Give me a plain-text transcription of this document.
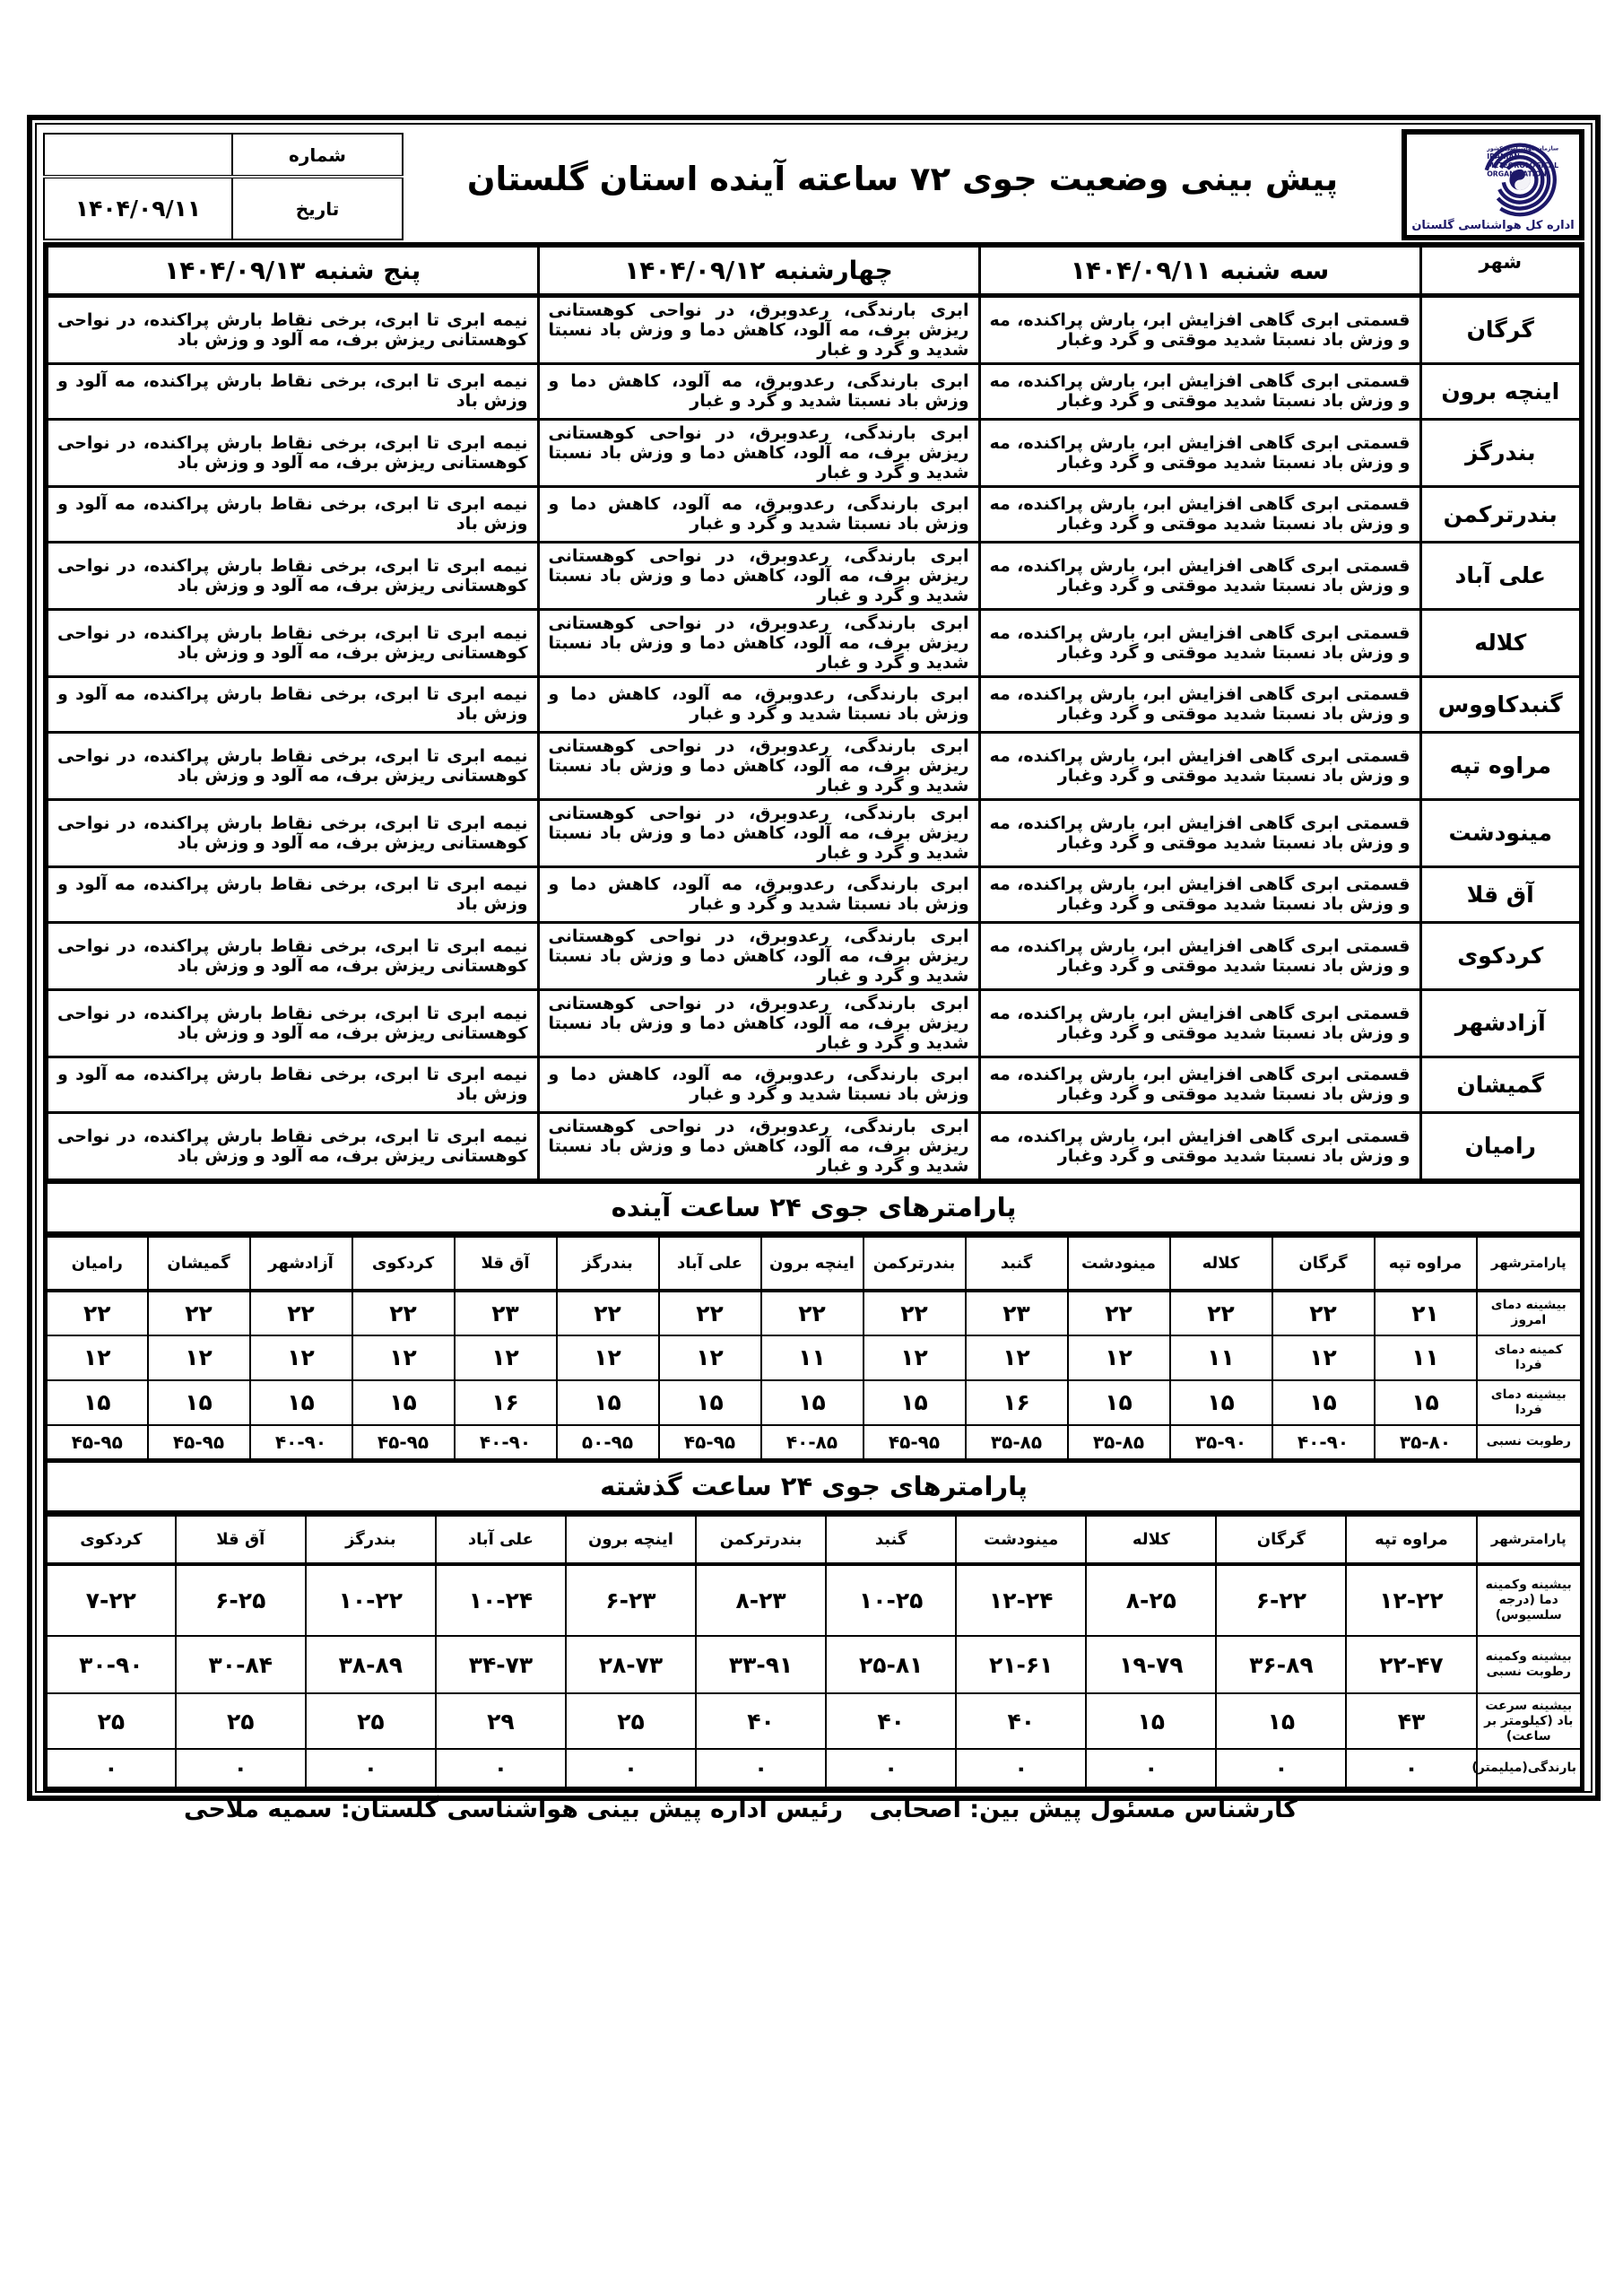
سازمان هواشناسی کشور
IRANIAN
METEOROLOGICAL
ORGANIZATION
اداره کل هواشناسی گلستان
پیش بینی وضعیت جوی ۷۲ ساعته آینده استان گلستان
شماره	
تاریخ	۱۴۰۴/۰۹/۱۱
شهر	سه شنبه ۱۴۰۴/۰۹/۱۱	چهارشنبه ۱۴۰۴/۰۹/۱۲	پنج شنبه ۱۴۰۴/۰۹/۱۳
گرگان	قسمتی ابری گاهی افزایش ابر، بارش پراکنده، مه و وزش باد نسبتا شدید موقتی و گرد وغبار	ابری بارندگی، رعدوبرق، در نواحی کوهستانی ریزش برف، مه آلود، کاهش دما و وزش باد نسبتا شدید و گرد و غبار	نیمه ابری تا ابری، برخی نقاط بارش پراکنده، در نواحی کوهستانی ریزش برف، مه آلود و وزش باد
اینچه برون	قسمتی ابری گاهی افزایش ابر، بارش پراکنده، مه و وزش باد نسبتا شدید موقتی و گرد وغبار	ابری بارندگی، رعدوبرق، مه آلود، کاهش دما و وزش باد نسبتا شدید و گرد و غبار	نیمه ابری تا ابری، برخی نقاط بارش پراکنده، مه آلود و وزش باد
بندرگز	قسمتی ابری گاهی افزایش ابر، بارش پراکنده، مه و وزش باد نسبتا شدید موقتی و گرد وغبار	ابری بارندگی، رعدوبرق، در نواحی کوهستانی ریزش برف، مه آلود، کاهش دما و وزش باد نسبتا شدید و گرد و غبار	نیمه ابری تا ابری، برخی نقاط بارش پراکنده، در نواحی کوهستانی ریزش برف، مه آلود و وزش باد
بندرترکمن	قسمتی ابری گاهی افزایش ابر، بارش پراکنده، مه و وزش باد نسبتا شدید موقتی و گرد وغبار	ابری بارندگی، رعدوبرق، مه آلود، کاهش دما و وزش باد نسبتا شدید و گرد و غبار	نیمه ابری تا ابری، برخی نقاط بارش پراکنده، مه آلود و وزش باد
علی آباد	قسمتی ابری گاهی افزایش ابر، بارش پراکنده، مه و وزش باد نسبتا شدید موقتی و گرد وغبار	ابری بارندگی، رعدوبرق، در نواحی کوهستانی ریزش برف، مه آلود، کاهش دما و وزش باد نسبتا شدید و گرد و غبار	نیمه ابری تا ابری، برخی نقاط بارش پراکنده، در نواحی کوهستانی ریزش برف، مه آلود و وزش باد
کلاله	قسمتی ابری گاهی افزایش ابر، بارش پراکنده، مه و وزش باد نسبتا شدید موقتی و گرد وغبار	ابری بارندگی، رعدوبرق، در نواحی کوهستانی ریزش برف، مه آلود، کاهش دما و وزش باد نسبتا شدید و گرد و غبار	نیمه ابری تا ابری، برخی نقاط بارش پراکنده، در نواحی کوهستانی ریزش برف، مه آلود و وزش باد
گنبدکاووس	قسمتی ابری گاهی افزایش ابر، بارش پراکنده، مه و وزش باد نسبتا شدید موقتی و گرد وغبار	ابری بارندگی، رعدوبرق، مه آلود، کاهش دما و وزش باد نسبتا شدید و گرد و غبار	نیمه ابری تا ابری، برخی نقاط بارش پراکنده، مه آلود و وزش باد
مراوه تپه	قسمتی ابری گاهی افزایش ابر، بارش پراکنده، مه و وزش باد نسبتا شدید موقتی و گرد وغبار	ابری بارندگی، رعدوبرق، در نواحی کوهستانی ریزش برف، مه آلود، کاهش دما و وزش باد نسبتا شدید و گرد و غبار	نیمه ابری تا ابری، برخی نقاط بارش پراکنده، در نواحی کوهستانی ریزش برف، مه آلود و وزش باد
مینودشت	قسمتی ابری گاهی افزایش ابر، بارش پراکنده، مه و وزش باد نسبتا شدید موقتی و گرد وغبار	ابری بارندگی، رعدوبرق، در نواحی کوهستانی ریزش برف، مه آلود، کاهش دما و وزش باد نسبتا شدید و گرد و غبار	نیمه ابری تا ابری، برخی نقاط بارش پراکنده، در نواحی کوهستانی ریزش برف، مه آلود و وزش باد
آق قلا	قسمتی ابری گاهی افزایش ابر، بارش پراکنده، مه و وزش باد نسبتا شدید موقتی و گرد وغبار	ابری بارندگی، رعدوبرق، مه آلود، کاهش دما و وزش باد نسبتا شدید و گرد و غبار	نیمه ابری تا ابری، برخی نقاط بارش پراکنده، مه آلود و وزش باد
کردکوی	قسمتی ابری گاهی افزایش ابر، بارش پراکنده، مه و وزش باد نسبتا شدید موقتی و گرد وغبار	ابری بارندگی، رعدوبرق، در نواحی کوهستانی ریزش برف، مه آلود، کاهش دما و وزش باد نسبتا شدید و گرد و غبار	نیمه ابری تا ابری، برخی نقاط بارش پراکنده، در نواحی کوهستانی ریزش برف، مه آلود و وزش باد
آزادشهر	قسمتی ابری گاهی افزایش ابر، بارش پراکنده، مه و وزش باد نسبتا شدید موقتی و گرد وغبار	ابری بارندگی، رعدوبرق، در نواحی کوهستانی ریزش برف، مه آلود، کاهش دما و وزش باد نسبتا شدید و گرد و غبار	نیمه ابری تا ابری، برخی نقاط بارش پراکنده، در نواحی کوهستانی ریزش برف، مه آلود و وزش باد
گمیشان	قسمتی ابری گاهی افزایش ابر، بارش پراکنده، مه و وزش باد نسبتا شدید موقتی و گرد وغبار	ابری بارندگی، رعدوبرق، مه آلود، کاهش دما و وزش باد نسبتا شدید و گرد و غبار	نیمه ابری تا ابری، برخی نقاط بارش پراکنده، مه آلود و وزش باد
رامیان	قسمتی ابری گاهی افزایش ابر، بارش پراکنده، مه و وزش باد نسبتا شدید موقتی و گرد وغبار	ابری بارندگی، رعدوبرق، در نواحی کوهستانی ریزش برف، مه آلود، کاهش دما و وزش باد نسبتا شدید و گرد و غبار	نیمه ابری تا ابری، برخی نقاط بارش پراکنده، در نواحی کوهستانی ریزش برف، مه آلود و وزش باد
پارامترهای جوی ۲۴ ساعت آینده
پارامترشهر	مراوه تپه	گرگان	کلاله	مینودشت	گنبد	بندرترکمن	اینچه برون	علی آباد	بندرگز	آق قلا	کردکوی	آزادشهر	گمیشان	رامیان
بیشینه دمای امروز	۲۱	۲۲	۲۲	۲۲	۲۳	۲۲	۲۲	۲۲	۲۲	۲۳	۲۲	۲۲	۲۲	۲۲
کمینه دمای فردا	۱۱	۱۲	۱۱	۱۲	۱۲	۱۲	۱۱	۱۲	۱۲	۱۲	۱۲	۱۲	۱۲	۱۲
بیشینه دمای فردا	۱۵	۱۵	۱۵	۱۵	۱۶	۱۵	۱۵	۱۵	۱۵	۱۶	۱۵	۱۵	۱۵	۱۵
رطوبت نسبی	۳۵-۸۰	۴۰-۹۰	۳۵-۹۰	۳۵-۸۵	۳۵-۸۵	۴۵-۹۵	۴۰-۸۵	۴۵-۹۵	۵۰-۹۵	۴۰-۹۰	۴۵-۹۵	۴۰-۹۰	۴۵-۹۵	۴۵-۹۵
پارامترهای جوی ۲۴ ساعت گذشته
پارامترشهر	مراوه تپه	گرگان	کلاله	مینودشت	گنبد	بندرترکمن	اینچه برون	علی آباد	بندرگز	آق قلا	کردکوی
بیشینه وکمینه دما (درجه سلسیوس)	۱۲-۲۲	۶-۲۲	۸-۲۵	۱۲-۲۴	۱۰-۲۵	۸-۲۳	۶-۲۳	۱۰-۲۴	۱۰-۲۲	۶-۲۵	۷-۲۲
بیشینه وکمینه رطوبت نسبی	۲۲-۴۷	۳۶-۸۹	۱۹-۷۹	۲۱-۶۱	۲۵-۸۱	۳۳-۹۱	۲۸-۷۳	۳۴-۷۳	۳۸-۸۹	۳۰-۸۴	۳۰-۹۰
بیشینه سرعت باد (کیلومتر بر ساعت)	۴۳	۱۵	۱۵	۴۰	۴۰	۴۰	۲۵	۲۹	۲۵	۲۵	۲۵
بارندگی(میلیمتر)	۰	۰	۰	۰	۰	۰	۰	۰	۰	۰	۰
کارشناس مسئول پیش بین: اصحابی
رئیس اداره پیش بینی هواشناسی گلستان: سمیه ملاحی
